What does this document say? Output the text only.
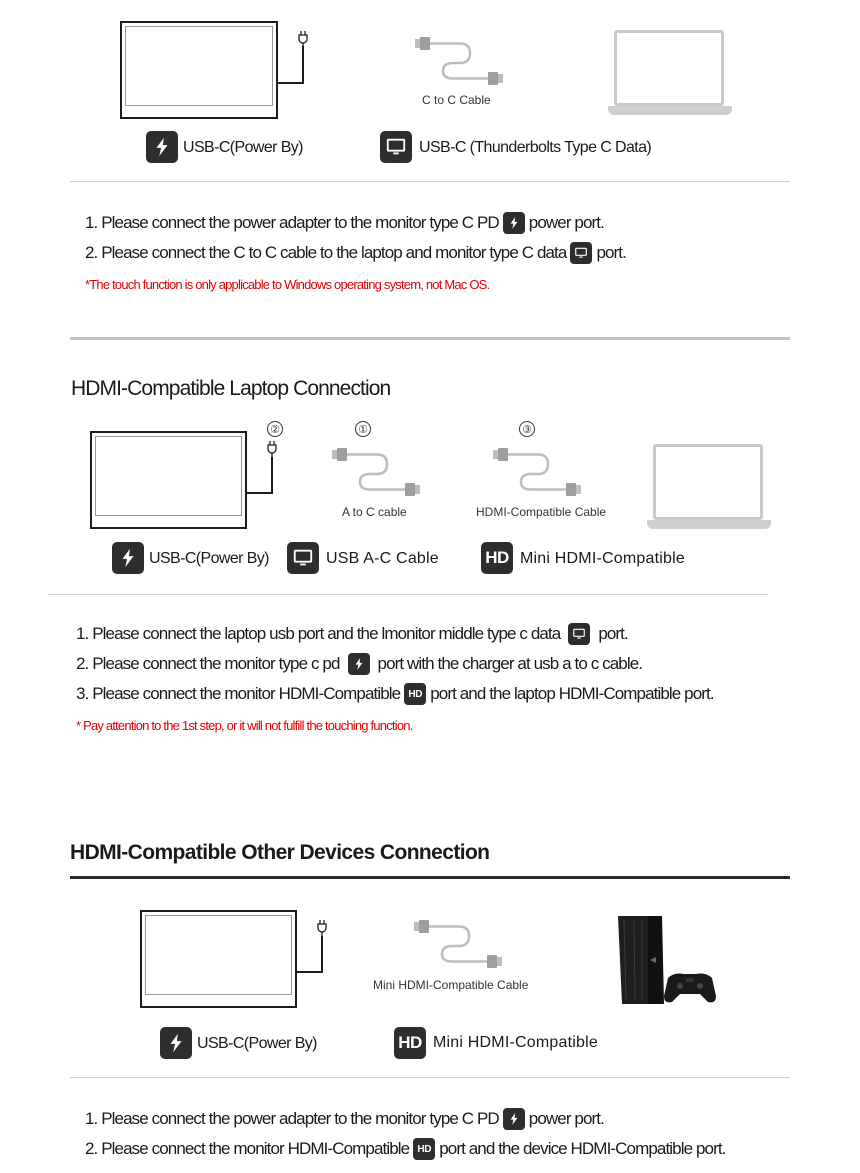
C to C Cable
USB-C(Power By)	USB-C (Thunderbolts Type C Data)
1. Please connect the power adapter to the monitor type C PD power port.
2. Please connect the C to C cable to the laptop and monitor type C data port.
*The touch function is only applicable to Windows operating system, not Mac OS.
HDMI-Compatible Laptop Connection
②	①
A to C cable
③
HDMI-Compatible Cable
USB-C(Power By)	USB A-C Cable	HD Mini HDMI-Compatible
1. Please connect the laptop usb port and the lmonitor middle type c data port.
2. Please connect the monitor type c pd port with the charger at usb a to c cable.
3. Please connect the monitor HDMI-Compatible HD port and the laptop HDMI-Compatible port.
* Pay attention to the 1st step, or it will not fulfill the touching function.
HDMI-Compatible Other Devices Connection
Mini HDMI-Compatible Cable
USB-C(Power By)	HD Mini HDMI-Compatible
1. Please connect the power adapter to the monitor type C PD power port.
2. Please connect the monitor HDMI-Compatible HD port and the device HDMI-Compatible port.
